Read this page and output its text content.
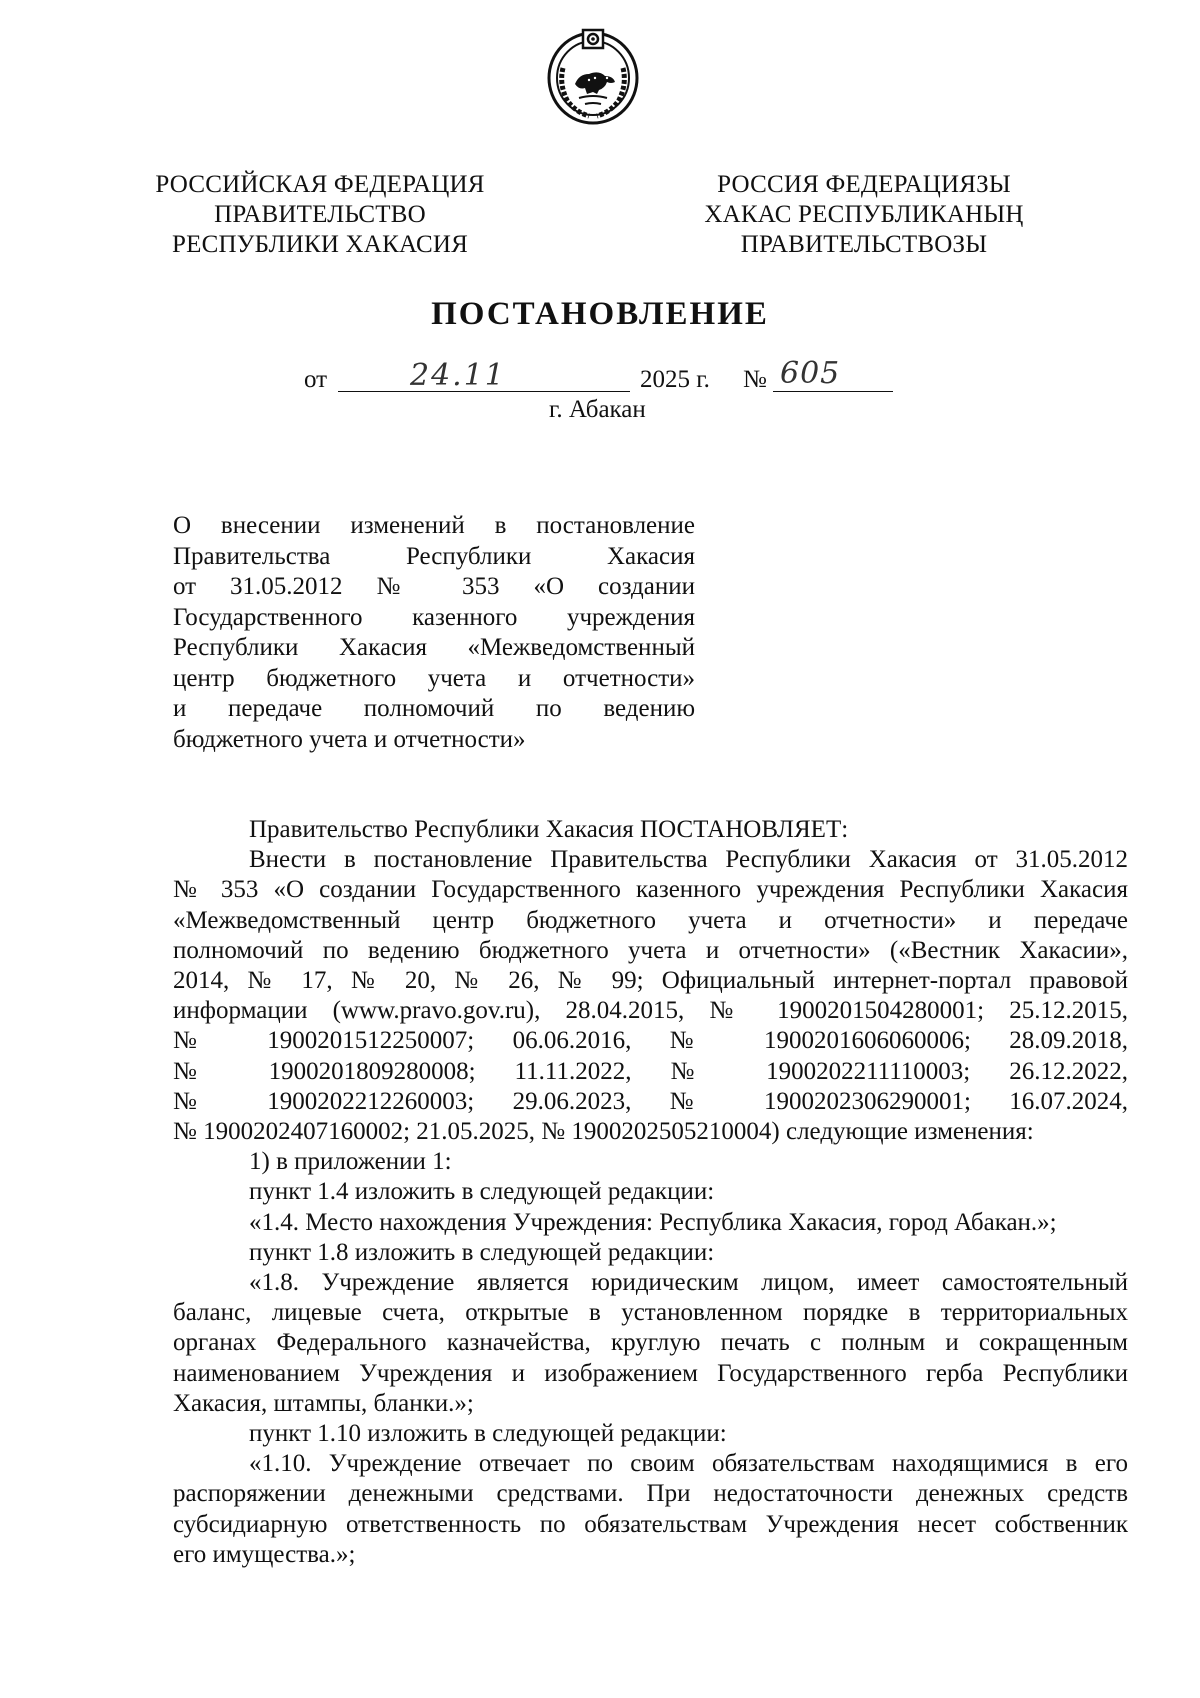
РОССИЙСКАЯ ФЕДЕРАЦИЯ
ПРАВИТЕЛЬСТВО
РЕСПУБЛИКИ ХАКАСИЯ
РОССИЯ ФЕДЕРАЦИЯЗЫ
ХАКАС РЕСПУБЛИКАНЫҢ
ПРАВИТЕЛЬСТВОЗЫ
ПОСТАНОВЛЕНИЕ
от	24.11	2025 г. № 605
г. Абакан
О внесении изменений в постановление
Правительства Республики Хакасия
от 31.05.2012 № 353 «О создании
Государственного казенного учреждения
Республики Хакасия «Межведомственный
центр бюджетного учета и отчетности»
и передаче полномочий по ведению
бюджетного учета и отчетности»
Правительство Республики Хакасия ПОСТАНОВЛЯЕТ:
Внести в постановление Правительства Республики Хакасия от 31.05.2012
№ 353 «О создании Государственного казенного учреждения Республики Хакасия
«Межведомственный центр бюджетного учета и отчетности» и передаче
полномочий по ведению бюджетного учета и отчетности» («Вестник Хакасии»,
2014, № 17, № 20, № 26, № 99; Официальный интернет-портал правовой
информации (www.pravo.gov.ru), 28.04.2015, № 1900201504280001; 25.12.2015,
№ 1900201512250007; 06.06.2016, № 1900201606060006; 28.09.2018,
№ 1900201809280008; 11.11.2022, № 1900202211110003; 26.12.2022,
№ 1900202212260003; 29.06.2023, № 1900202306290001; 16.07.2024,
№ 1900202407160002; 21.05.2025, № 1900202505210004) следующие изменения:
1) в приложении 1:
пункт 1.4 изложить в следующей редакции:
«1.4. Место нахождения Учреждения: Республика Хакасия, город Абакан.»;
пункт 1.8 изложить в следующей редакции:
«1.8. Учреждение является юридическим лицом, имеет самостоятельный
баланс, лицевые счета, открытые в установленном порядке в территориальных
органах Федерального казначейства, круглую печать с полным и сокращенным
наименованием Учреждения и изображением Государственного герба Республики
Хакасия, штампы, бланки.»;
пункт 1.10 изложить в следующей редакции:
«1.10. Учреждение отвечает по своим обязательствам находящимися в его
распоряжении денежными средствами. При недостаточности денежных средств
субсидиарную ответственность по обязательствам Учреждения несет собственник
его имущества.»;
